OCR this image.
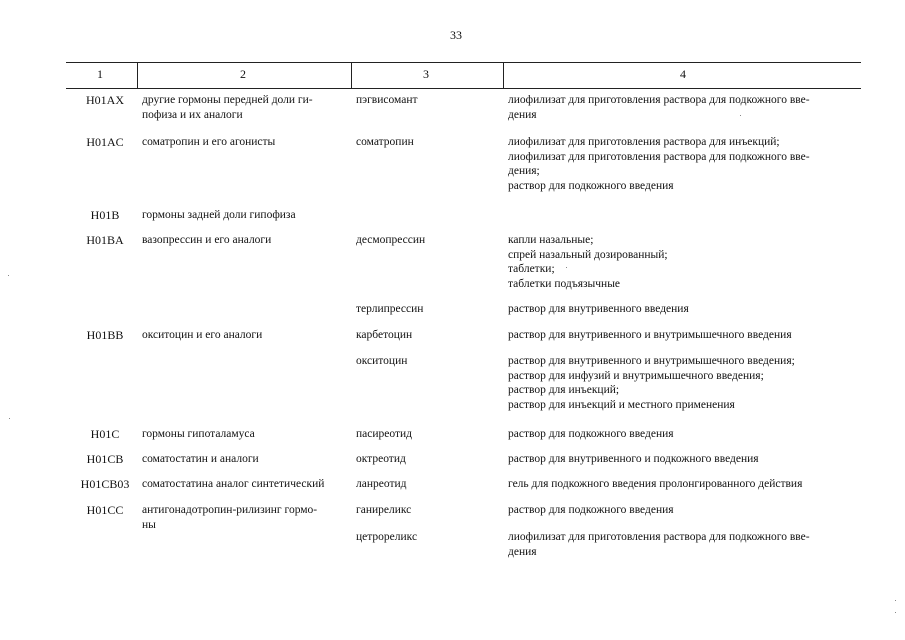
33
1	2	3	4
H01AX	другие гормоны передней доли ги-
пофиза и их аналоги
пэгвисомант	лиофилизат для приготовления раствора для подкожного вве-
дения
H01AC	соматропин и его агонисты	соматропин	лиофилизат для приготовления раствора для инъекций;
лиофилизат для приготовления раствора для подкожного вве-
дения;
раствор для подкожного введения
H01B	гормоны задней доли гипофиза
H01BA	вазопрессин и его аналоги	десмопрессин	капли назальные;
спрей назальный дозированный;
таблетки;
таблетки подъязычные
терлипрессин	раствор для внутривенного введения
H01BB	окситоцин и его аналоги	карбетоцин	раствор для внутривенного и внутримышечного введения
окситоцин	раствор для внутривенного и внутримышечного введения;
раствор для инфузий и внутримышечного введения;
раствор для инъекций;
раствор для инъекций и местного применения
H01C	гормоны гипоталамуса	пасиреотид	раствор для подкожного введения
H01CB	соматостатин и аналоги	октреотид	раствор для внутривенного и подкожного введения
H01CB03	соматостатина аналог синтетический	ланреотид	гель для подкожного введения пролонгированного действия
H01CC	антигонадотропин-рилизинг гормо-
ны
ганиреликс	раствор для подкожного введения
цетрореликс	лиофилизат для приготовления раствора для подкожного вве-
дения
